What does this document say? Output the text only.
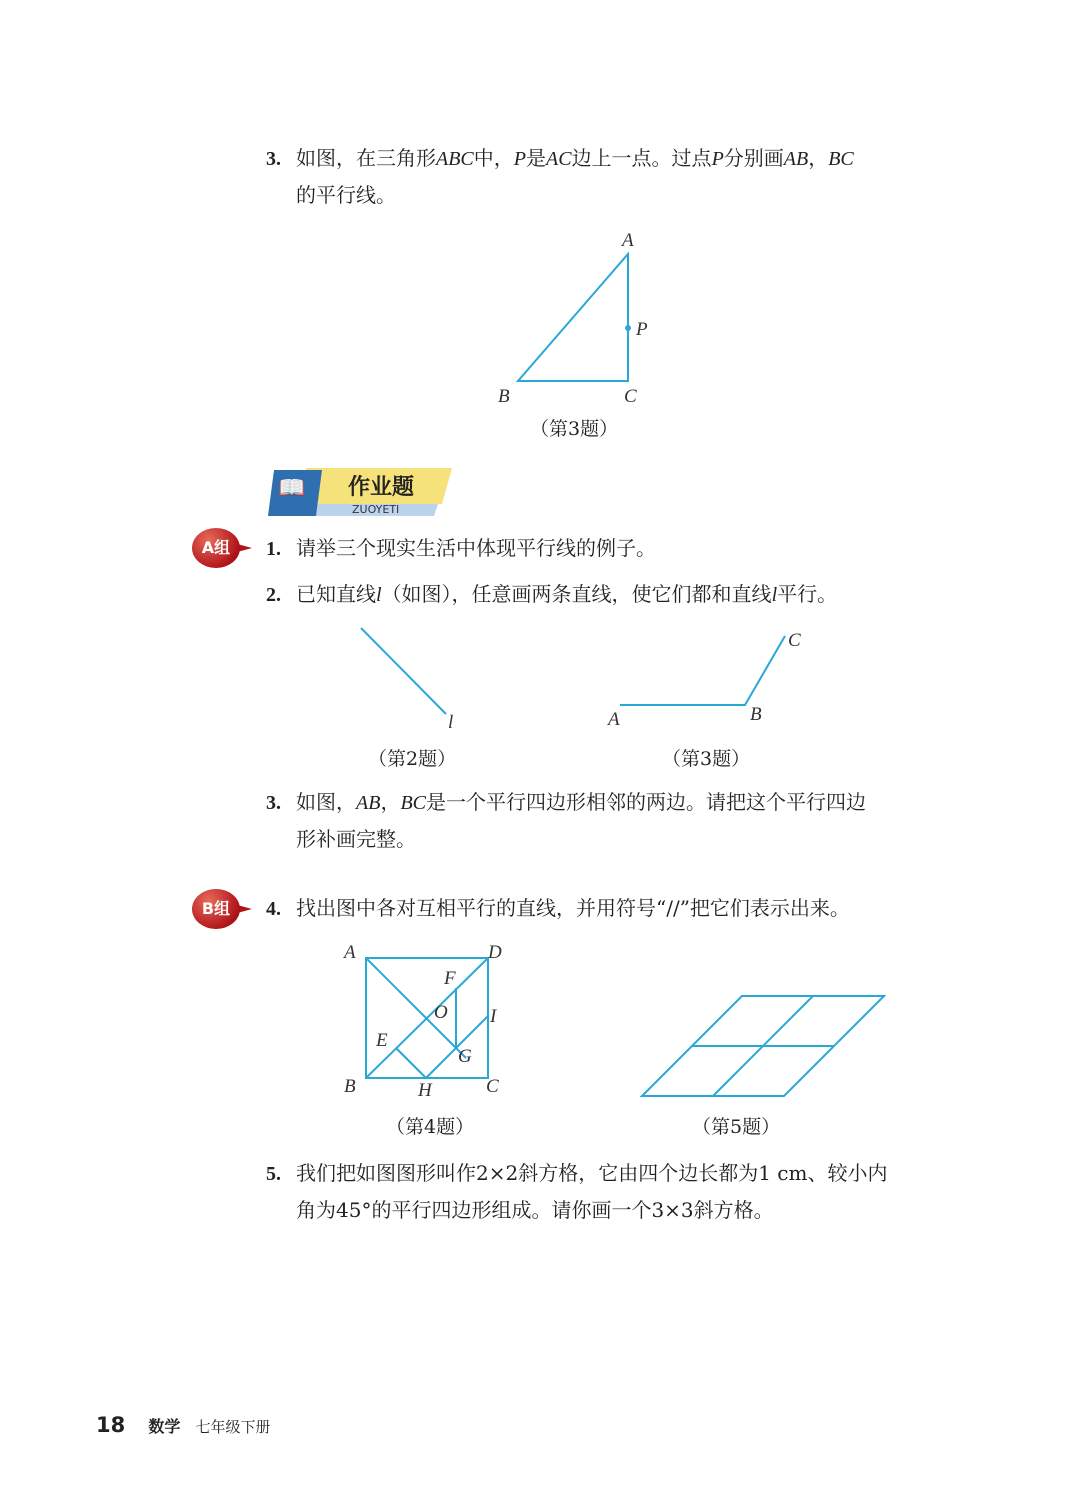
3. 如图，在三角形ABC中，P是AC边上一点。过点P分别画AB，BC
的平行线。
A
P
B	C
（第3题）
📖 作业题
ZUOYETI
A组	1. 请举三个现实生活中体现平行线的例子。
2. 已知直线l（如图），任意画两条直线，使它们都和直线l平行。
l
（第2题）
A	B
C
（第3题）
3. 如图，AB，BC是一个平行四边形相邻的两边。请把这个平行四边
形补画完整。
B组	4. 找出图中各对互相平行的直线，并用符号“//”把它们表示出来。
A	D
F
O I
E
G
B	H	C
（第4题）	（第5题）
5. 我们把如图图形叫作2×2斜方格，它由四个边长都为1 cm、较小内
角为45°的平行四边形组成。请你画一个3×3斜方格。
18 数学 七年级下册
